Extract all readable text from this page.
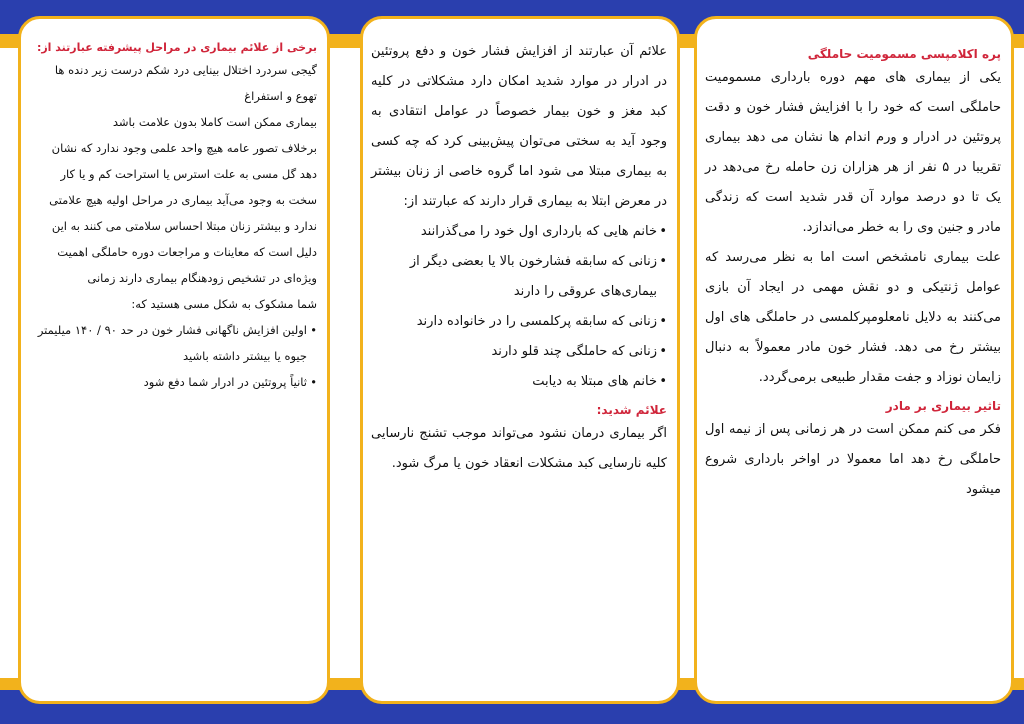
پره اکلامپسی مسمومیت حاملگی

یکی از بیماری های مهم دوره بارداری مسمومیت حاملگی است که خود را با افزایش فشار خون و دقت پروتئین در ادرار و ورم اندام ها نشان می دهد بیماری تقریبا در ۵ نفر از هر هزاران زن حامله رخ می‌دهد در یک تا دو درصد موارد آن قدر شدید است که زندگی مادر و جنین وی را به خطر می‌اندازد.

علت بیماری نامشخص است اما به نظر می‌رسد که عوامل ژنتیکی و دو نقش مهمی در ایجاد آن بازی می‌کنند به دلایل نامعلومپرکلمسی در حاملگی های اول بیشتر رخ می دهد. فشار خون مادر معمولاً به دنبال زایمان نوزاد و جفت مقدار طبیعی برمی‌گردد.

تاثیر بیماری بر مادر

فکر می کنم ممکن است در هر زمانی پس از نیمه اول حاملگی رخ دهد اما معمولا در اواخر بارداری شروع میشود

علائم آن عبارتند از افزایش فشار خون و دفع پروتئین در ادرار در موارد شدید امکان دارد مشکلاتی در کلیه کبد مغز و خون بیمار خصوصاً در عوامل انتقادی به وجود آید به سختی می‌توان پیش‌بینی کرد که چه کسی به بیماری مبتلا می شود اما گروه خاصی از زنان بیشتر در معرض ابتلا به بیماری قرار دارند که عبارتند از:

• خانم هایی که بارداری اول خود را می‌گذرانند
• زنانی که سابقه فشارخون بالا یا بعضی دیگر از بیماری‌های عروقی را دارند
• زنانی که سابقه پرکلمسی را در خانواده دارند
• زنانی که حاملگی چند قلو دارند
• خانم های مبتلا به دیابت

علائم شدید:

اگر بیماری درمان نشود می‌تواند موجب تشنج نارسایی کلیه نارسایی کبد مشکلات انعقاد خون یا مرگ شود.

برخی از علائم بیماری در مراحل پیشرفته عبارتند از:

گیجی سردرد اختلال بینایی درد شکم درست زیر دنده ها
تهوع و استفراغ
بیماری ممکن است کاملا بدون علامت باشد
برخلاف تصور عامه هیچ واحد علمی وجود ندارد که نشان
دهد گل مسی به علت استرس یا استراحت کم و یا کار
سخت به وجود می‌آید بیماری در مراحل اولیه هیچ علامتی
ندارد و بیشتر زنان مبتلا احساس سلامتی می کنند به این
دلیل است که معاینات و مراجعات دوره حاملگی اهمیت
ویژه‌ای در تشخیص زودهنگام بیماری دارند زمانی
شما مشکوک به شکل مسی هستید که:
• اولین افزایش ناگهانی فشار خون در حد ۹۰ / ۱۴۰ میلیمتر جیوه یا بیشتر داشته باشید
• ثانیاً پروتئین در ادرار شما دفع شود
